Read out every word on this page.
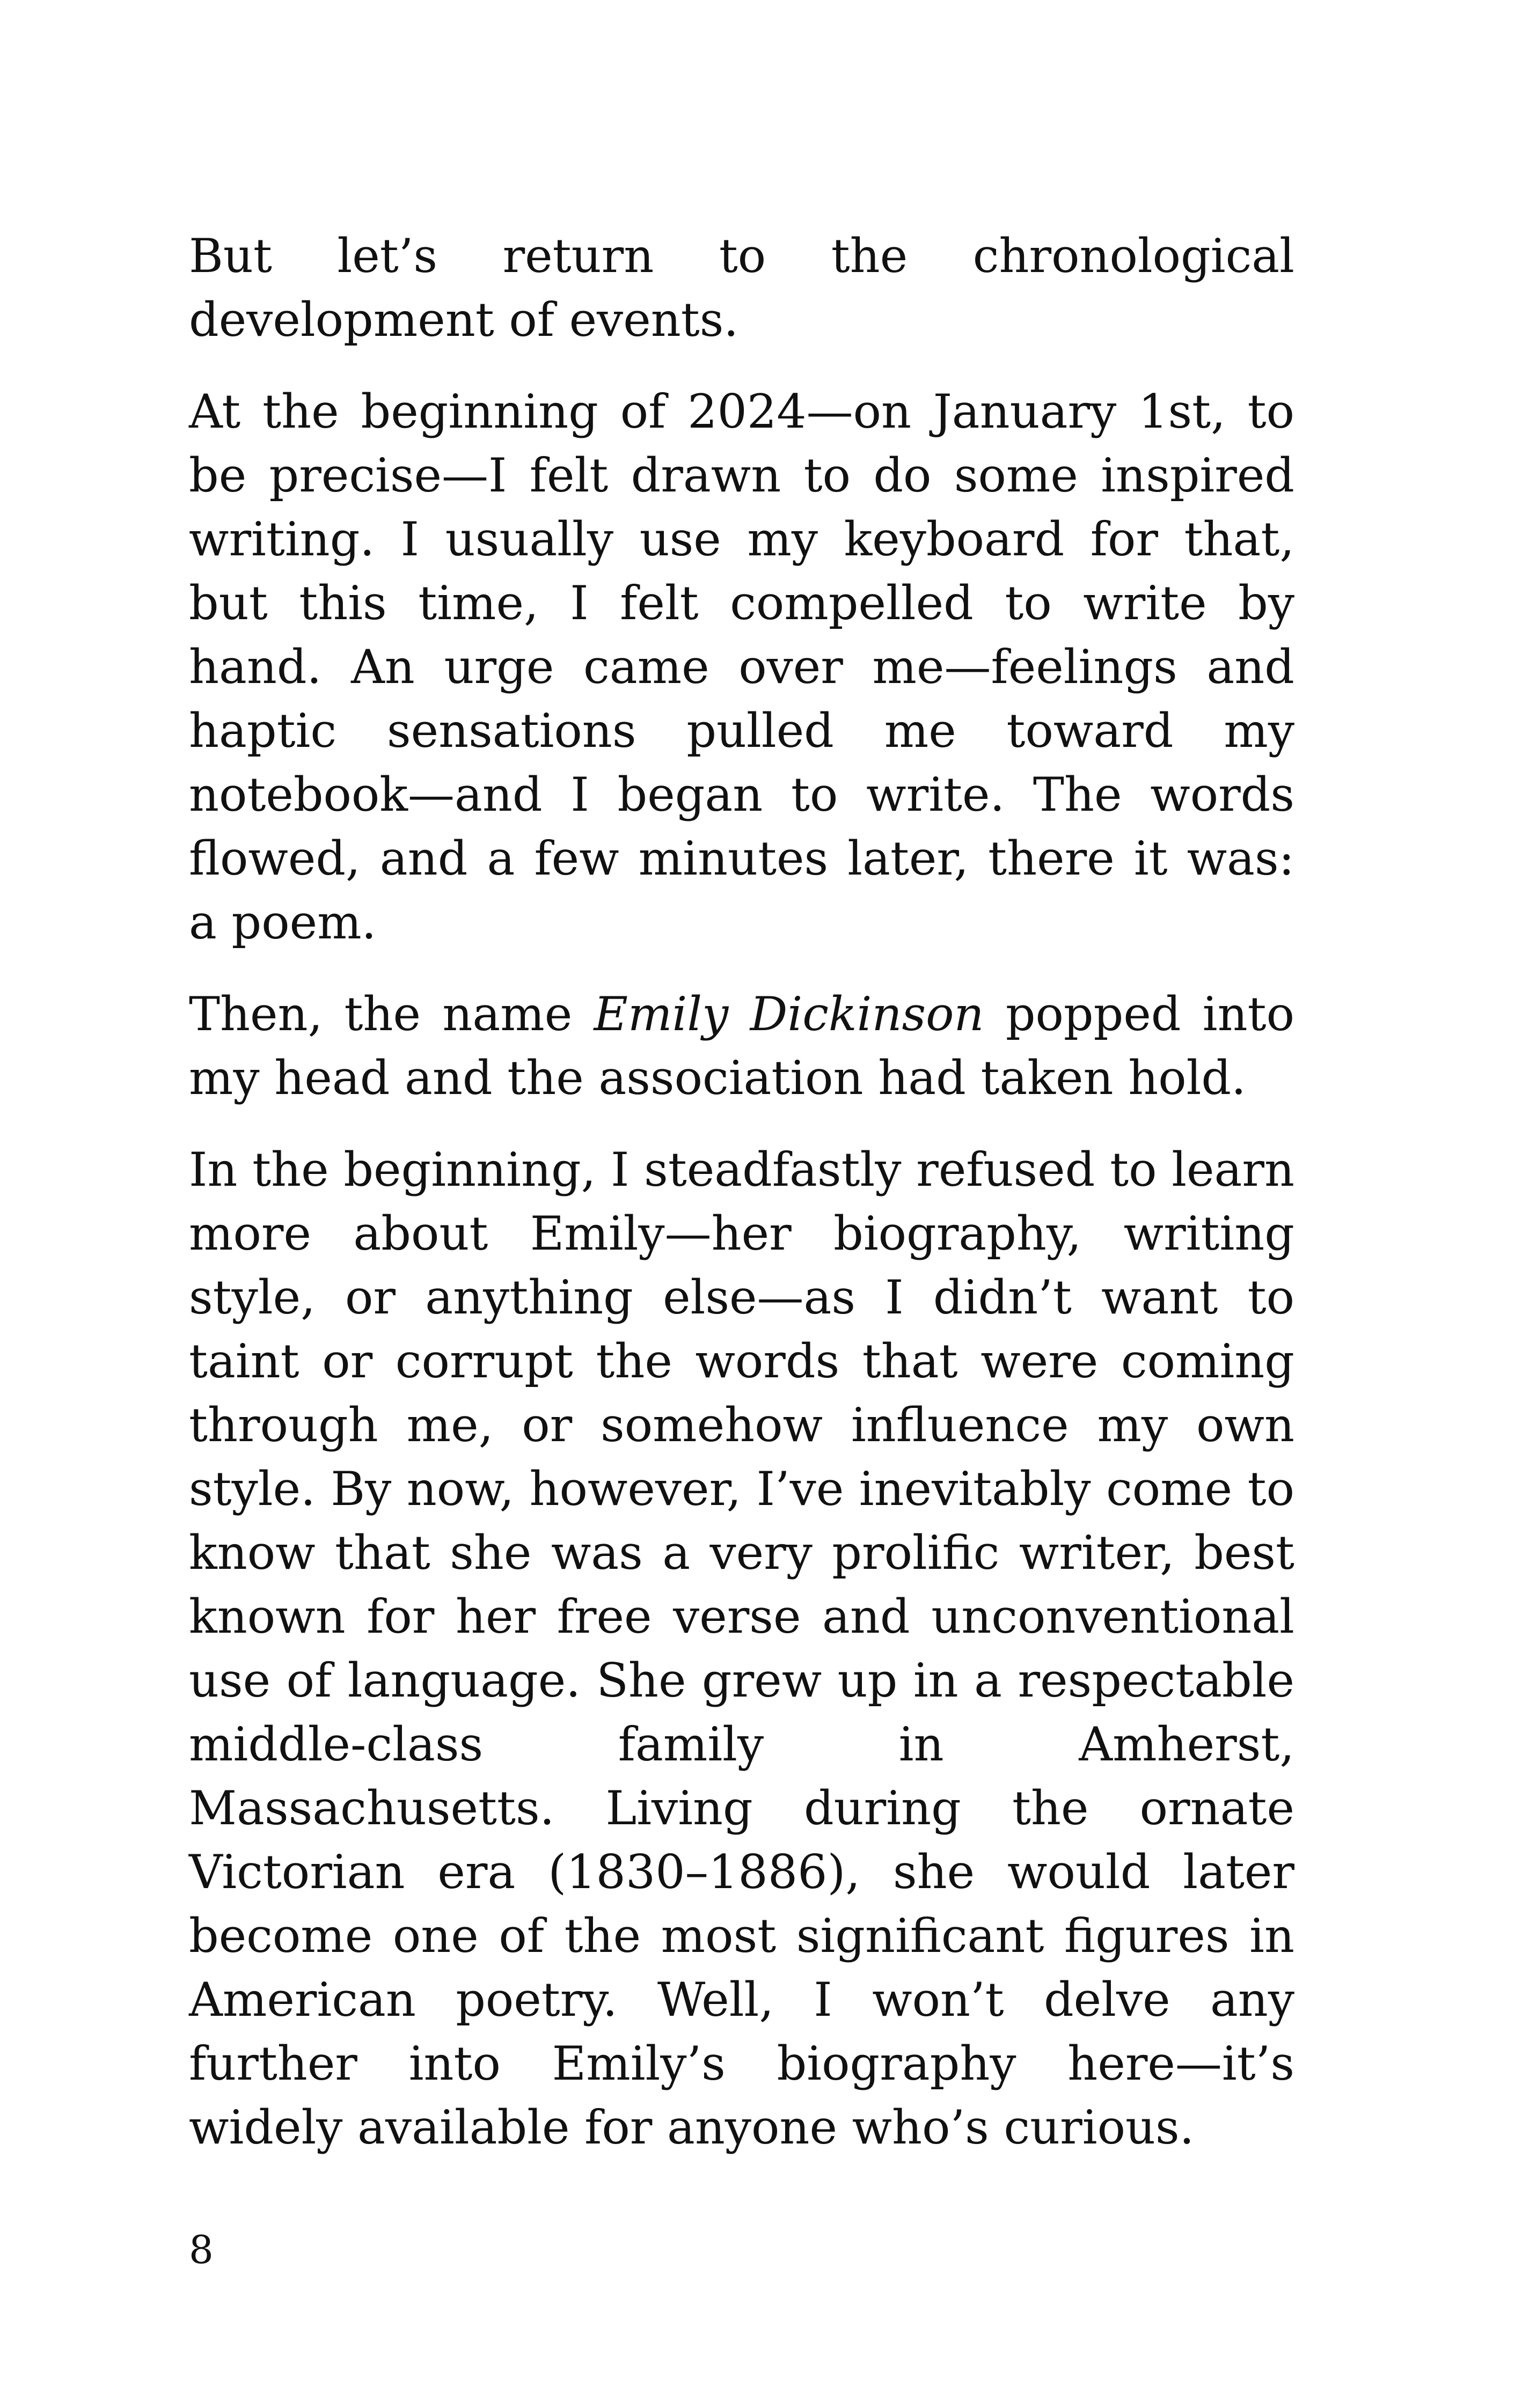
But let’s return to the chronological development of events.

At the beginning of 2024—on January 1st, to be precise—I felt drawn to do some inspired writing. I usually use my keyboard for that, but this time, I felt compelled to write by hand. An urge came over me—feelings and haptic sensations pulled me toward my notebook—and I began to write. The words flowed, and a few minutes later, there it was: a poem.

Then, the name Emily Dickinson popped into my head and the association had taken hold.

In the beginning, I steadfastly refused to learn more about Emily—her biography, writing style, or anything else—as I didn’t want to taint or corrupt the words that were coming through me, or somehow influence my own style. By now, however, I’ve inevitably come to know that she was a very prolific writer, best known for her free verse and unconventional use of language. She grew up in a respectable middle-class family in Amherst, Massachusetts. Living during the ornate Victorian era (1830–1886), she would later become one of the most significant figures in American poetry. Well, I won’t delve any further into Emily’s biography here—it’s widely available for anyone who’s curious.

8
